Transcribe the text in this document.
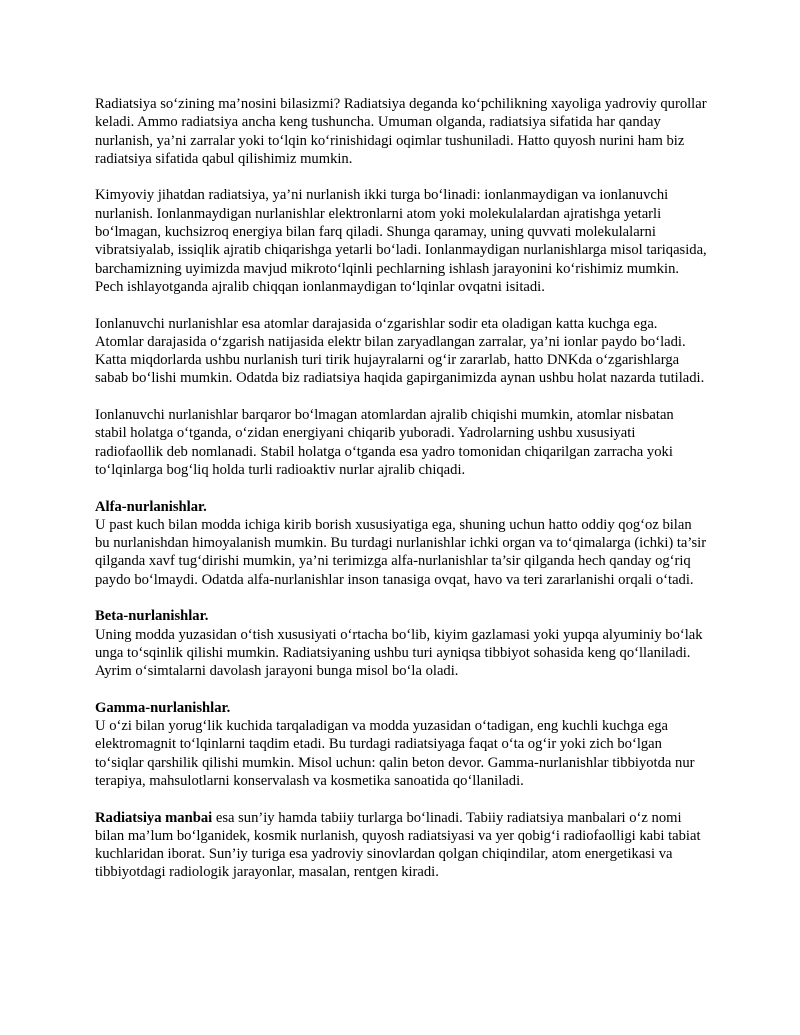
Radiatsiya so‘zining ma’nosini bilasizmi? Radiatsiya deganda ko‘pchilikning xayoliga yadroviy qurollar keladi. Ammo radiatsiya ancha keng tushuncha. Umuman olganda, radiatsiya sifatida har qanday nurlanish, ya’ni zarralar yoki to‘lqin ko‘rinishidagi oqimlar tushuniladi. Hatto quyosh nurini ham biz radiatsiya sifatida qabul qilishimiz mumkin.

Kimyoviy jihatdan radiatsiya, ya’ni nurlanish ikki turga bo‘linadi: ionlanmaydigan va ionlanuvchi nurlanish. Ionlanmaydigan nurlanishlar elektronlarni atom yoki molekulalardan ajratishga yetarli bo‘lmagan, kuchsizroq energiya bilan farq qiladi. Shunga qaramay, uning quvvati molekulalarni vibratsiyalab, issiqlik ajratib chiqarishga yetarli bo‘ladi. Ionlanmaydigan nurlanishlarga misol tariqasida, barchamizning uyimizda mavjud mikroto‘lqinli pechlarning ishlash jarayonini ko‘rishimiz mumkin. Pech ishlayotganda ajralib chiqqan ionlanmaydigan to‘lqinlar ovqatni isitadi.

Ionlanuvchi nurlanishlar esa atomlar darajasida o‘zgarishlar sodir eta oladigan katta kuchga ega. Atomlar darajasida o‘zgarish natijasida elektr bilan zaryadlangan zarralar, ya’ni ionlar paydo bo‘ladi. Katta miqdorlarda ushbu nurlanish turi tirik hujayralarni og‘ir zararlab, hatto DNKda o‘zgarishlarga sabab bo‘lishi mumkin. Odatda biz radiatsiya haqida gapirganimizda aynan ushbu holat nazarda tutiladi.

Ionlanuvchi nurlanishlar barqaror bo‘lmagan atomlardan ajralib chiqishi mumkin, atomlar nisbatan stabil holatga o‘tganda, o‘zidan energiyani chiqarib yuboradi. Yadrolarning ushbu xususiyati radiofaollik deb nomlanadi. Stabil holatga o‘tganda esa yadro tomonidan chiqarilgan zarracha yoki to‘lqinlarga bog‘liq holda turli radioaktiv nurlar ajralib chiqadi.

Alfa-nurlanishlar.
U past kuch bilan modda ichiga kirib borish xususiyatiga ega, shuning uchun hatto oddiy qog‘oz bilan bu nurlanishdan himoyalanish mumkin. Bu turdagi nurlanishlar ichki organ va to‘qimalarga (ichki) ta’sir qilganda xavf tug‘dirishi mumkin, ya’ni terimizga alfa-nurlanishlar ta’sir qilganda hech qanday og‘riq paydo bo‘lmaydi. Odatda alfa-nurlanishlar inson tanasiga ovqat, havo va teri zararlanishi orqali o‘tadi.

Beta-nurlanishlar.
Uning modda yuzasidan o‘tish xususiyati o‘rtacha bo‘lib, kiyim gazlamasi yoki yupqa alyuminiy bo‘lak unga to‘sqinlik qilishi mumkin. Radiatsiyaning ushbu turi ayniqsa tibbiyot sohasida keng qo‘llaniladi. Ayrim o‘simtalarni davolash jarayoni bunga misol bo‘la oladi.

Gamma-nurlanishlar.
U o‘zi bilan yorug‘lik kuchida tarqaladigan va modda yuzasidan o‘tadigan, eng kuchli kuchga ega elektromagnit to‘lqinlarni taqdim etadi. Bu turdagi radiatsiyaga faqat o‘ta og‘ir yoki zich bo‘lgan to‘siqlar qarshilik qilishi mumkin. Misol uchun: qalin beton devor. Gamma-nurlanishlar tibbiyotda nur terapiya, mahsulotlarni konservalash va kosmetika sanoatida qo‘llaniladi.

Radiatsiya manbai esa sun’iy hamda tabiiy turlarga bo‘linadi. Tabiiy radiatsiya manbalari o‘z nomi bilan ma’lum bo‘lganidek, kosmik nurlanish, quyosh radiatsiyasi va yer qobig‘i radiofaolligi kabi tabiat kuchlaridan iborat. Sun’iy turiga esa yadroviy sinovlardan qolgan chiqindilar, atom energetikasi va tibbiyotdagi radiologik jarayonlar, masalan, rentgen kiradi.
